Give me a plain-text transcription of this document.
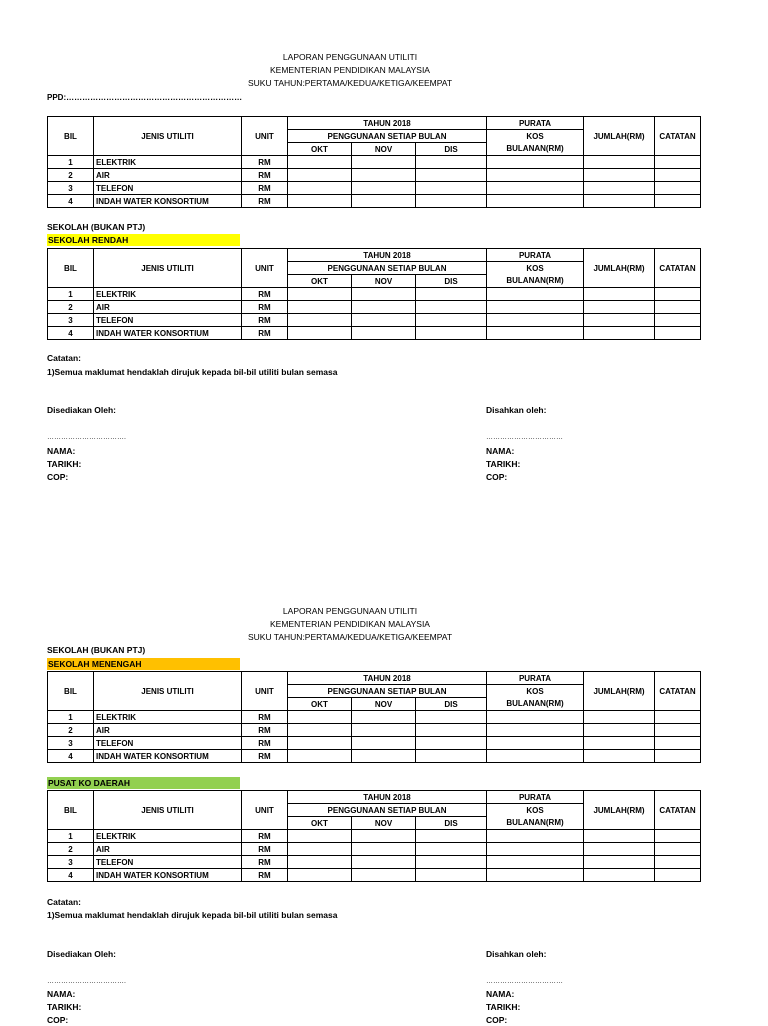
LAPORAN PENGGUNAAN UTILITI
KEMENTERIAN PENDIDIKAN MALAYSIA
SUKU TAHUN:PERTAMA/KEDUA/KETIGA/KEEMPAT
PPD:…………………………………………………………
BIL	JENIS UTILITI	UNIT	TAHUN 2018			PURATA	JUMLAH(RM)	CATATAN
			PENGGUNAAN SETIAP BULAN			KOS		
			OKT	NOV	DIS	BULANAN(RM)		
1	ELEKTRIK	RM						
2	AIR	RM						
3	TELEFON	RM						
4	INDAH WATER KONSORTIUM	RM						
SEKOLAH (BUKAN PTJ)
SEKOLAH RENDAH
BIL	JENIS UTILITI	UNIT	TAHUN 2018			PURATA	JUMLAH(RM)	CATATAN
			PENGGUNAAN SETIAP BULAN			KOS		
			OKT	NOV	DIS	BULANAN(RM)		
1	ELEKTRIK	RM						
2	AIR	RM						
3	TELEFON	RM						
4	INDAH WATER KONSORTIUM	RM						
Catatan:
1)Semua maklumat hendaklah dirujuk kepada bil-bil utiliti bulan semasa
Disediakan Oleh:	Disahkan oleh:
…………………………….	……………………………
NAMA:	NAMA:
TARIKH:	TARIKH:
COP:	COP:
LAPORAN PENGGUNAAN UTILITI
KEMENTERIAN PENDIDIKAN MALAYSIA
SUKU TAHUN:PERTAMA/KEDUA/KETIGA/KEEMPAT
SEKOLAH (BUKAN PTJ)
SEKOLAH MENENGAH
BIL	JENIS UTILITI	UNIT	TAHUN 2018			PURATA	JUMLAH(RM)	CATATAN
			PENGGUNAAN SETIAP BULAN			KOS		
			OKT	NOV	DIS	BULANAN(RM)		
1	ELEKTRIK	RM						
2	AIR	RM						
3	TELEFON	RM						
4	INDAH WATER KONSORTIUM	RM						
PUSAT KO DAERAH
BIL	JENIS UTILITI	UNIT	TAHUN 2018			PURATA	JUMLAH(RM)	CATATAN
			PENGGUNAAN SETIAP BULAN			KOS		
			OKT	NOV	DIS	BULANAN(RM)		
1	ELEKTRIK	RM						
2	AIR	RM						
3	TELEFON	RM						
4	INDAH WATER KONSORTIUM	RM						
Catatan:
1)Semua maklumat hendaklah dirujuk kepada bil-bil utiliti bulan semasa
Disediakan Oleh:	Disahkan oleh:
…………………………….	……………………………
NAMA:	NAMA:
TARIKH:	TARIKH:
COP:	COP:
